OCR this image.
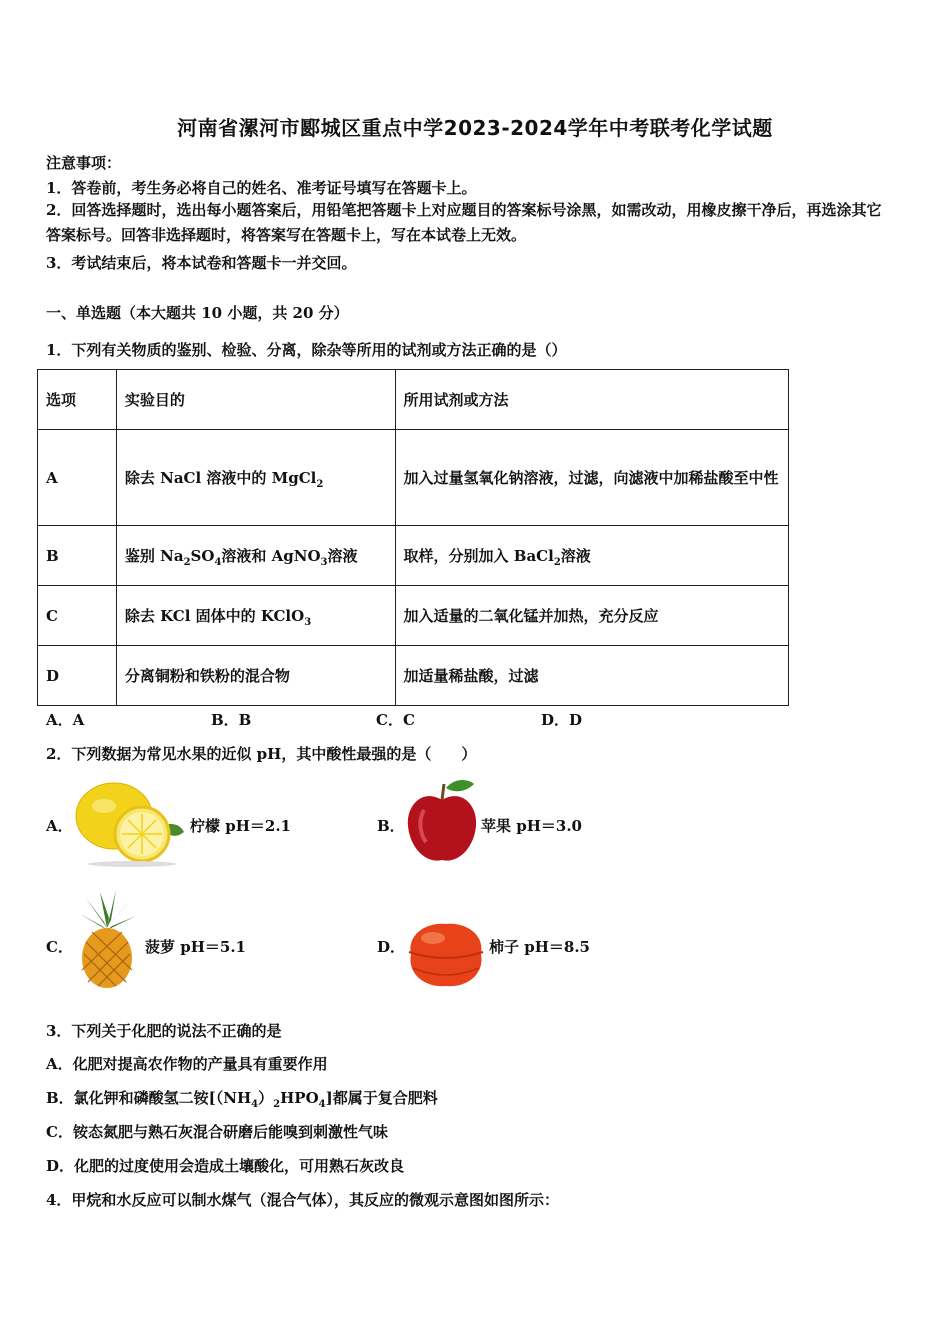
河南省漯河市郾城区重点中学2023-2024学年中考联考化学试题
注意事项：
1．答卷前，考生务必将自己的姓名、准考证号填写在答题卡上。
2．回答选择题时，选出每小题答案后，用铅笔把答题卡上对应题目的答案标号涂黑，如需改动，用橡皮擦干净后，再选涂其它答案标号。回答非选择题时，将答案写在答题卡上，写在本试卷上无效。
3．考试结束后，将本试卷和答题卡一并交回。
一、单选题（本大题共 10 小题，共 20 分）
1．下列有关物质的鉴别、检验、分离，除杂等所用的试剂或方法正确的是（）
选项	实验目的	所用试剂或方法
A	除去 NaCl 溶液中的 MgCl$_2$	加入过量氢氧化钠溶液，过滤，向滤液中加稀盐酸至中性
B	鉴别 $Na_2SO_4$溶液和 AgNO$_3$溶液	取样，分别加入 BaCl$_2$溶液
C	除去 KCl 固体中的 KClO$_3$	加入适量的二氧化锰并加热，充分反应
D	分离铜粉和铁粉的混合物	加适量稀盐酸，过滤
A．A	B．B	C．C	D．D
2．下列数据为常见水果的近似 pH，其中酸性最强的是（　　）
A．	柠檬 pH＝2.1	B．	苹果 pH＝3.0
C．	菠萝 pH＝5.1	D．	柿子 pH＝8.5
3．下列关于化肥的说法不正确的是
A．化肥对提高农作物的产量具有重要作用
B．氯化钾和磷酸氢二铵$[(NH_4)_2HPO_4]$都属于复合肥料
C．铵态氮肥与熟石灰混合研磨后能嗅到刺激性气味
D．化肥的过度使用会造成土壤酸化，可用熟石灰改良
4．甲烷和水反应可以制水煤气（混合气体），其反应的微观示意图如图所示：
